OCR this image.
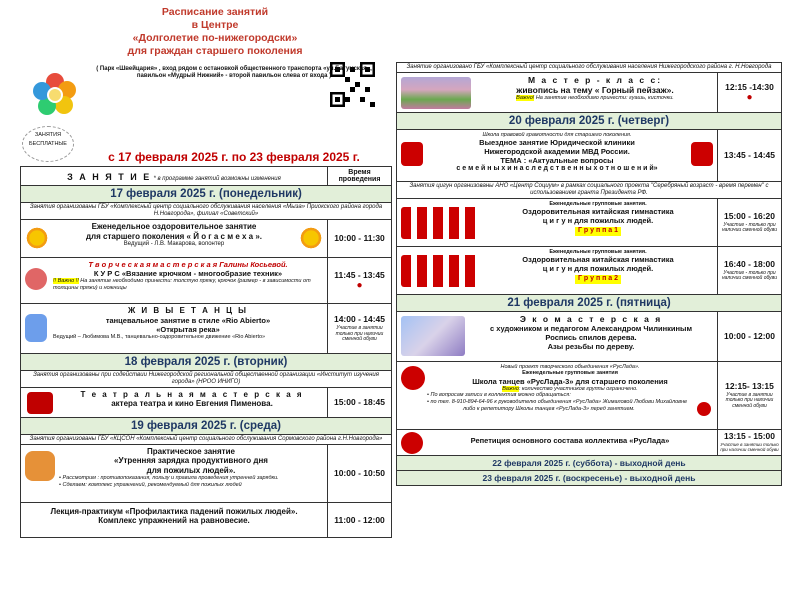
Расписание занятий
в Центре
«Долголетие по-нижегородски»
для граждан старшего поколения
( Парк «Швейцария» , вход рядом с остановкой общественного транспорта «ул.Батумская», павильон «Мудрый Нижний» - второй павильон слева от входа )
ЗАНЯТИЯ
БЕСПЛАТНЫЕ
с 17 февраля 2025 г. по 23 февраля 2025 г.
З А Н Я Т И Е * в программе занятий возможны изменения
Время проведения
17 февраля 2025 г. (понедельник)
Занятия организованы ГБУ «Комплексный центр социального обслуживания населения «Мыза» Приокского района города Н.Новгорода», филиал «Советский»
Еженедельное оздоровительное занятие
для старшего поколения « Й о г а с м е х а ».
Ведущий - Л.В. Макарова, волонтер
10:00 - 11:30
Т в о р ч е с к а я м а с т е р с к а я Галины Косьевой.
К У Р С «Вязание крючком - многообразие техник»
!! Важно !! На занятие необходимо принести: толстую пряжу, крючок (размер - в зависимости от толщины пряжи) и ножницы
11:45 - 13:45
●
Ж И В Ы Е Т А Н Ц Ы
танцевальное занятие в стиле «Rio Abierto»
«Открытая река»
Ведущий – Любимова М.В., танцевально-оздоровительное движение «Rio Abierto»
14:00 - 14:45
Участие в занятии только при наличии сменной обуви
18 февраля 2025 г. (вторник)
Занятия организованы при содействии Нижегородской региональной общественной организации «Институт изучения города» (НРОО ИНИГО)
Т е а т р а л ь н а я м а с т е р с к а я
актера театра и кино Евгения Пименова.	15:00 - 18:45
19 февраля 2025 г. (среда)
Занятия организованы ГБУ «КЦСОН «Комплексный центр социального обслуживания Сормовского района г.Н.Новгорода»
Практическое занятие
«Утренняя зарядка продуктивного дня
для пожилых людей».
• Рассмотрим : противопоказания, пользу и правила проведения утренней зарядки.
• Сделаем: комплекс упражнений, рекомендуемый для пожилых людей
10:00 - 10:50
Лекция-практикум «Профилактика падений пожилых людей».
Комплекс упражнений на равновесие.	11:00 - 12:00
Занятие организовано ГБУ «Комплексный центр социального обслуживания населения Нижегородского района г. Н.Новгорода
М а с т е р - к л а с с:
живопись на тему « Горный пейзаж».
Важно! На занятие необходимо принести: гуашь, кисточки.
12:15 -14:30
●
20 февраля 2025 г. (четверг)
Школа правовой грамотности для старшего поколения.
Выездное занятие Юридической клиники
Нижегородской академии МВД России.
ТЕМА : «Актуальные вопросы
с е м е й н ы х и н а с л е д с т в е н н ы х о т н о ш е н и й»
13:45 - 14:45
Занятия цигун организованы АНО «Центр Социум» в рамках социального проекта "Серебряный возраст - время перемен" с использованием гранта Президента РФ.
Еженедельные групповые занятия.
Оздоровительная китайская гимнастика
ц и г у н для пожилых людей.
Г р у п п а 1
15:00 - 16:20
Участие - только при наличии сменной обуви
Еженедельные групповые занятия.
Оздоровительная китайская гимнастика
ц и г у н для пожилых людей.
Г р у п п а 2
16:40 - 18:00
Участие - только при наличии сменной обуви
21 февраля 2025 г. (пятница)
Э к о м а с т е р с к а я
с художником и педагогом Александром Чилинкиным
Роспись спилов дерева.
Азы резьбы по дереву.
10:00 - 12:00
Новый проект творческого объединения «РусЛада».
Еженедельные групповые занятия
Школа танцев «РусЛада-3» для старшего поколения
Важно: количество участников группы ограничено.
• По вопросам записи в коллектив можно обращаться:
• по тел. 8-910-894-64-96 к руководителю объединения «РусЛада» Жималовой Любови Михайловне
либо к репетитору Школы танцев «РусЛада-3» перед занятием.
12:15- 13:15
Участие в занятии только при наличии сменной обуви
Репетиция основного состава коллектива «РусЛада»	13:15 - 15:00
Участие в занятии только при наличии сменной обуви
22 февраля 2025 г. (суббота) - выходной день
23 февраля 2025 г. (воскресенье) - выходной день
